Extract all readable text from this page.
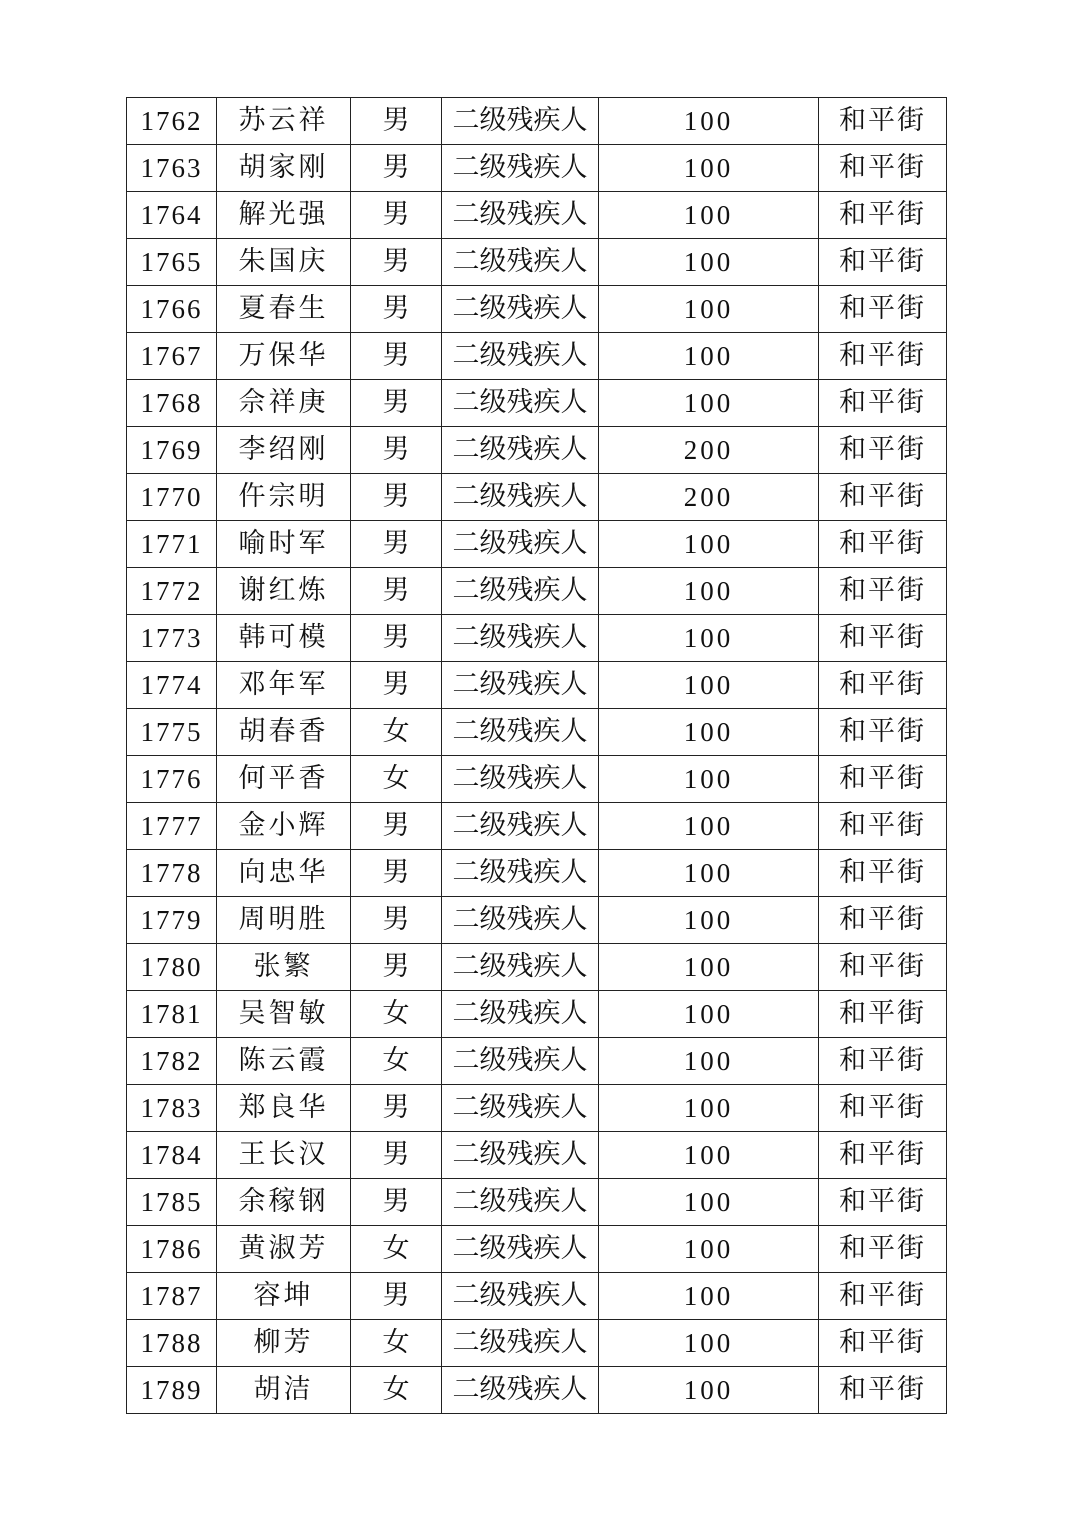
1762	苏云祥	男	二级残疾人	100	和平街
1763	胡家刚	男	二级残疾人	100	和平街
1764	解光强	男	二级残疾人	100	和平街
1765	朱国庆	男	二级残疾人	100	和平街
1766	夏春生	男	二级残疾人	100	和平街
1767	万保华	男	二级残疾人	100	和平街
1768	佘祥庚	男	二级残疾人	100	和平街
1769	李绍刚	男	二级残疾人	200	和平街
1770	仵宗明	男	二级残疾人	200	和平街
1771	喻时军	男	二级残疾人	100	和平街
1772	谢红炼	男	二级残疾人	100	和平街
1773	韩可模	男	二级残疾人	100	和平街
1774	邓年军	男	二级残疾人	100	和平街
1775	胡春香	女	二级残疾人	100	和平街
1776	何平香	女	二级残疾人	100	和平街
1777	金小辉	男	二级残疾人	100	和平街
1778	向忠华	男	二级残疾人	100	和平街
1779	周明胜	男	二级残疾人	100	和平街
1780	张繁	男	二级残疾人	100	和平街
1781	吴智敏	女	二级残疾人	100	和平街
1782	陈云霞	女	二级残疾人	100	和平街
1783	郑良华	男	二级残疾人	100	和平街
1784	王长汉	男	二级残疾人	100	和平街
1785	余稼钢	男	二级残疾人	100	和平街
1786	黄淑芳	女	二级残疾人	100	和平街
1787	容坤	男	二级残疾人	100	和平街
1788	柳芳	女	二级残疾人	100	和平街
1789	胡洁	女	二级残疾人	100	和平街
